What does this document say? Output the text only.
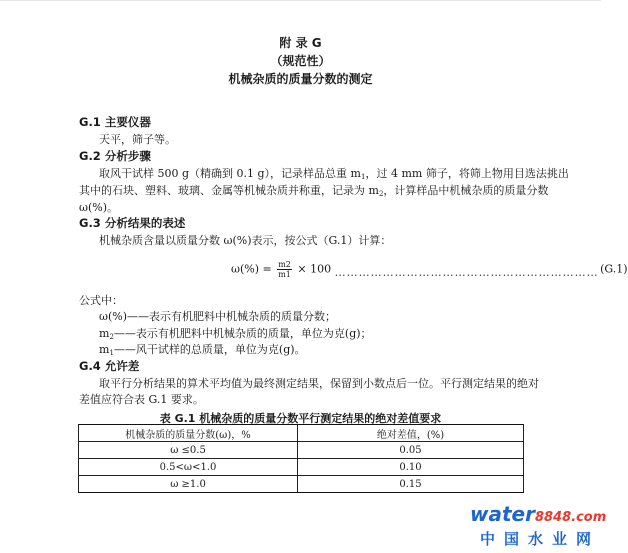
附 录 G
（规范性）
机械杂质的质量分数的测定
G.1 主要仪器
天平，筛子等。
G.2 分析步骤
取风干试样 500 g（精确到 0.1 g），记录样品总重 $m_1$，过 4 mm 筛子，将筛上物用目选法挑出
其中的石块、塑料、玻璃、金属等机械杂质并称重，记录为 $m_2$，计算样品中机械杂质的质量分数
ω(%)。
G.3 分析结果的表述
机械杂质含量以质量分数 ω(%)表示，按公式（G.1）计算：
$\omega(\%) = \frac{m2}{m1} \times 100$ ………………………………………………………… (G.1)
公式中：
ω(%)——表示有机肥料中机械杂质的质量分数；
$m_2——$表示有机肥料中机械杂质的质量，单位为克(g)；
$m_1——$风干试样的总质量，单位为克(g)。
G.4 允许差
取平行分析结果的算术平均值为最终测定结果，保留到小数点后一位。平行测定结果的绝对
差值应符合表 G.1 要求。
表 G.1 机械杂质的质量分数平行测定结果的绝对差值要求
机械杂质的质量分数(ω)，%	绝对差值，(%)
ω ≤0.5	0.05
0.5<ω<1.0	0.10
ω ≥1.0	0.15
water8848.com
中国水业网
